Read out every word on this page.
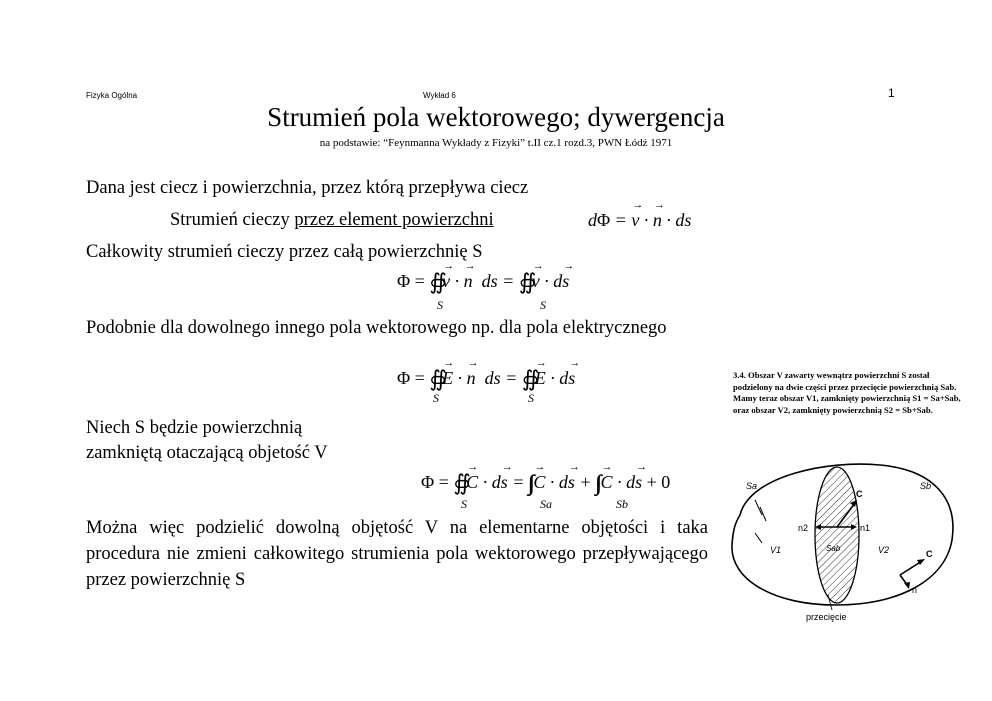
Fizyka Ogólna	Wykład 6	1
Strumień pola wektorowego; dywergencja
na podstawie: “Feynmanna Wykłady z Fizyki” t.II cz.1 rozd.3, PWN Łódź 1971
Dana jest ciecz i powierzchnia, przez którą przepływa ciecz
Strumień cieczy przez element powierzchni	dΦ = → v · → n · ds
Całkowity strumień cieczy przez całą powierzchnię S
Φ = ∯ → v · → n  ds = ∯ → v · d→ s
S	S
Podobnie dla dowolnego innego pola wektorowego np. dla pola elektrycznego
Φ = ∯ → E · → n  ds = ∯ → E · d→ s
S	S
Niech S będzie powierzchnią
zamkniętą otaczającą objetość V
Φ = ∯ → C · d→ s = → C · d→ s + → C · d→ s + 0
S	Sa	Sb
Można więc podzielić dowolną objętość V na elementarne objętości i taka procedura nie zmieni całkowitego strumienia pola wektorowego przepływającego przez powierzchnię S
3.4. Obszar V zawarty wewnątrz powierzchni S został podzielony na dwie części przez przecięcie powierzchnią Sab. Mamy teraz obszar V1, zamknięty powierzchnią S1 = Sa+Sab, oraz obszar V2, zamknięty powierzchnią S2 = Sb+Sab.
Sa	Sb
Sab
V1	V2
n1
n2
C
C
n
przecięcie
